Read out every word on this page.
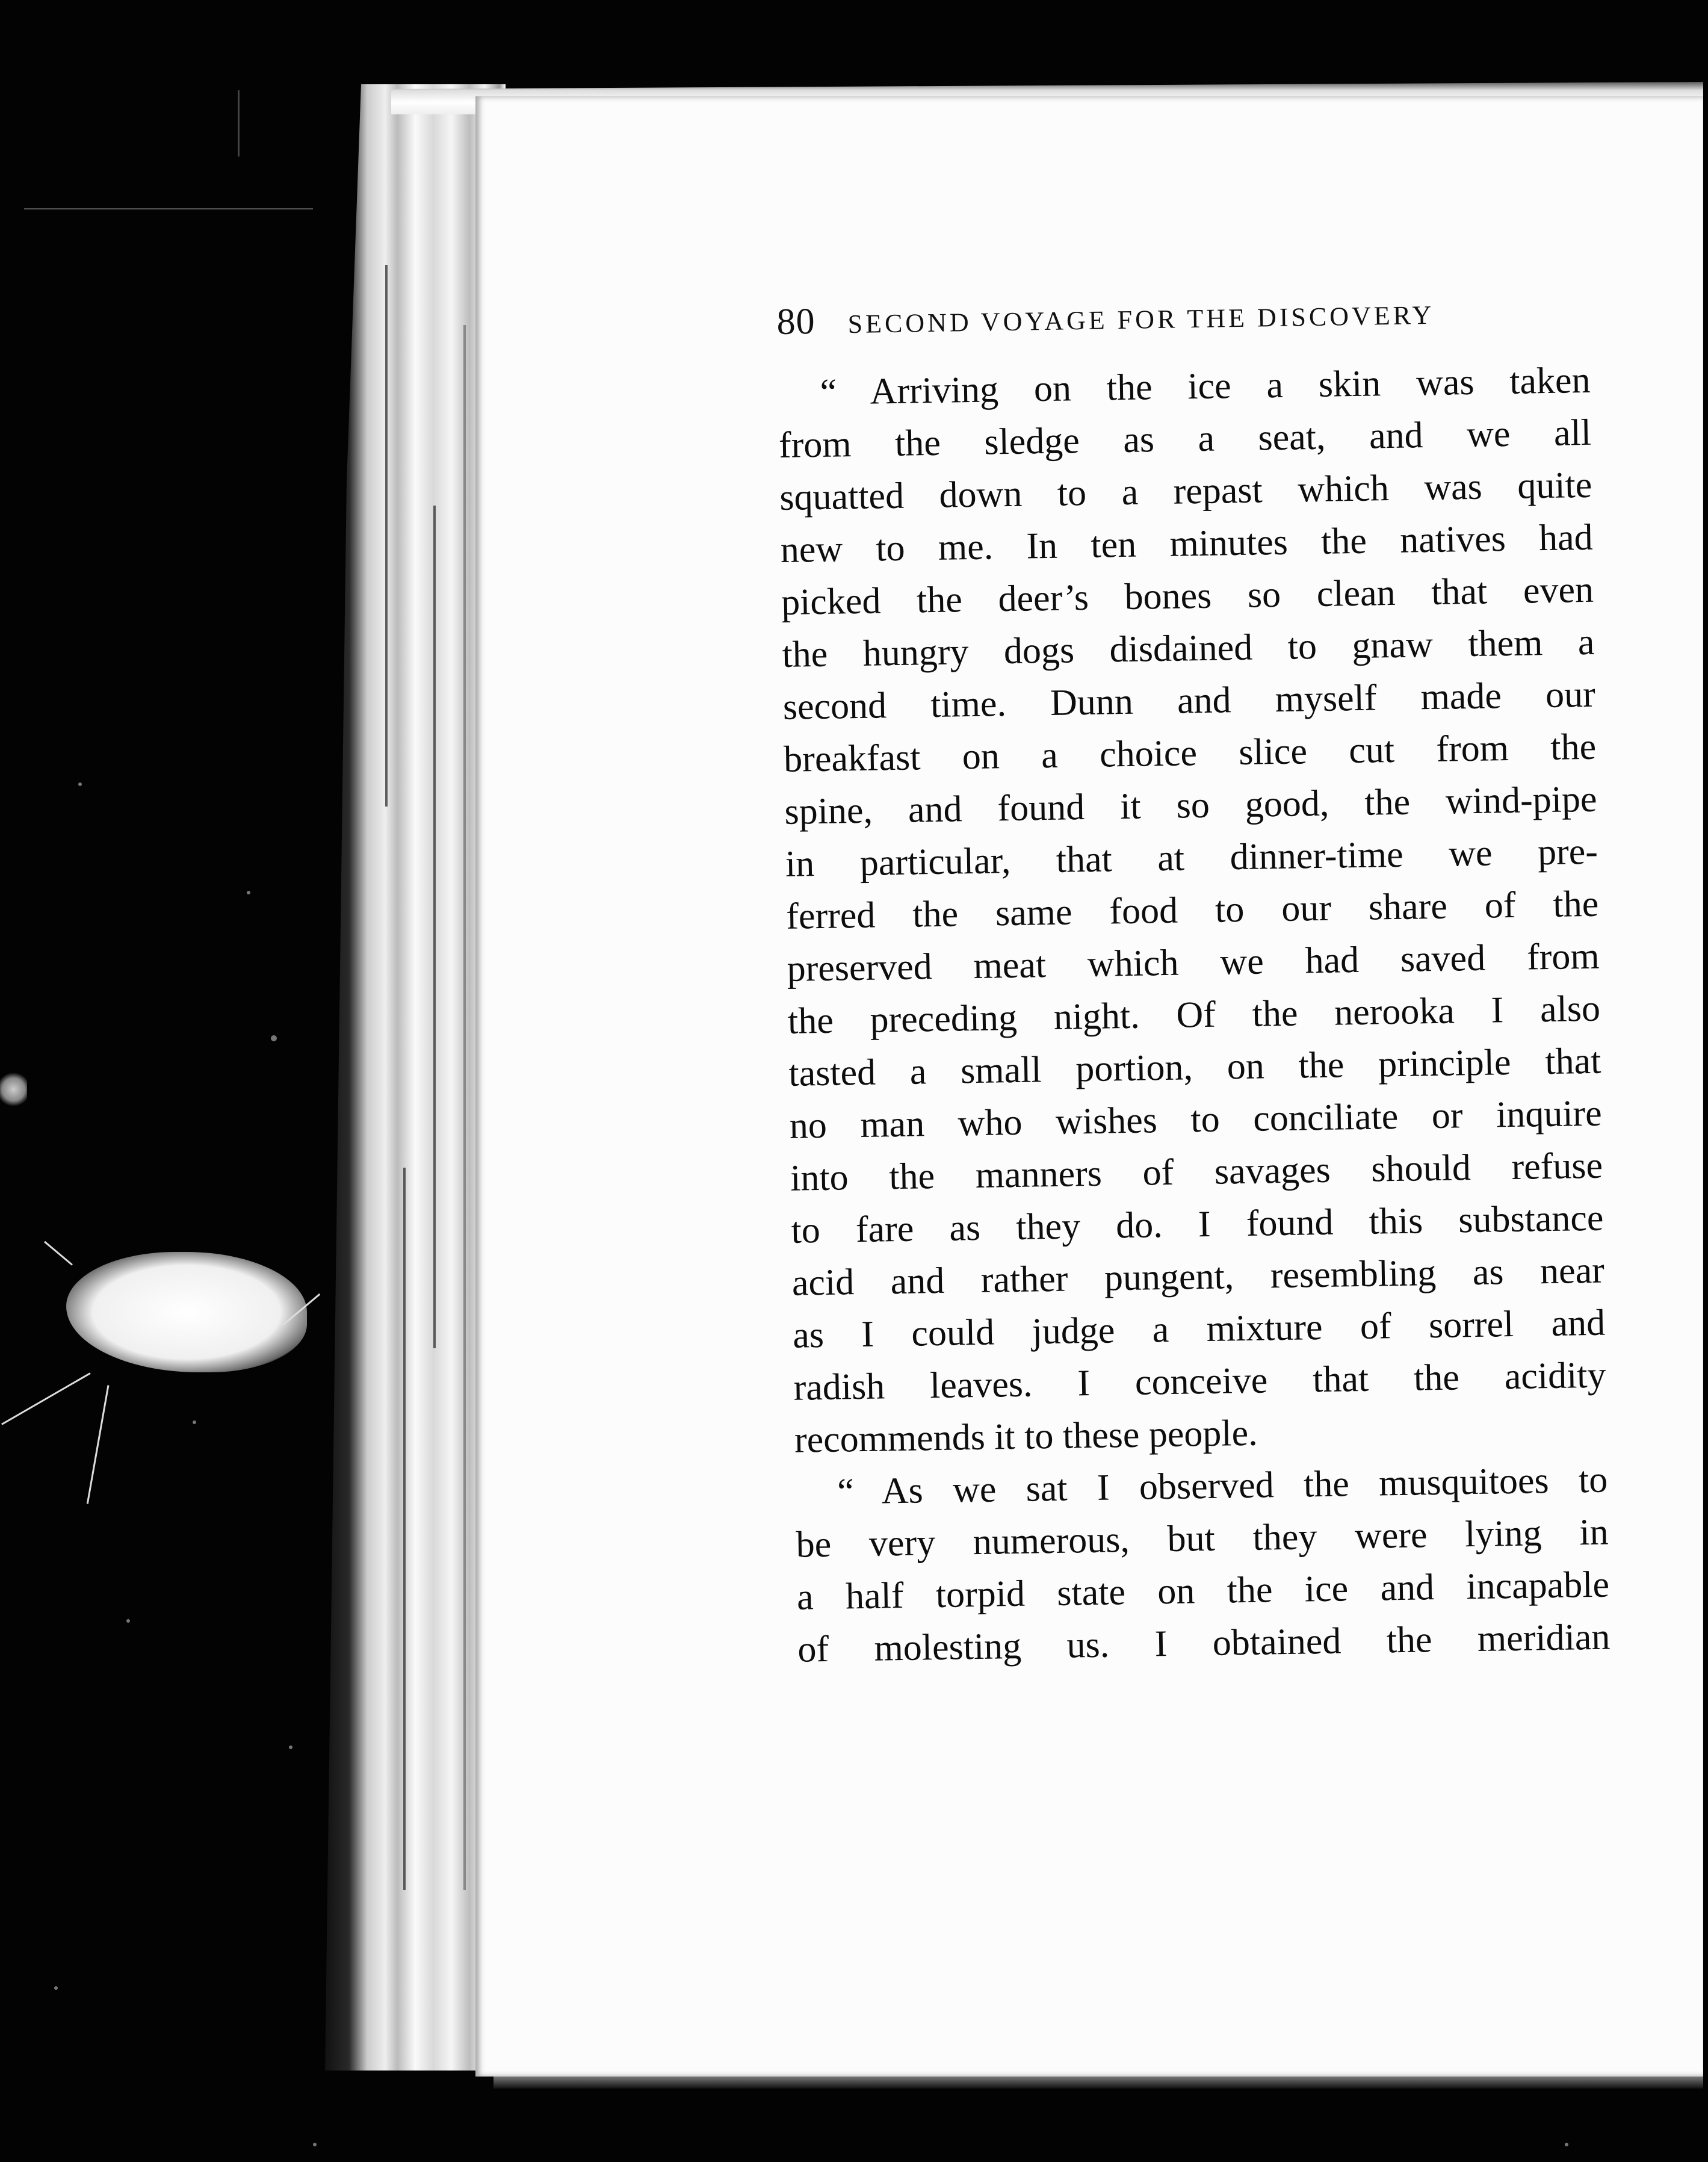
80 SECOND VOYAGE FOR THE DISCOVERY
“ Arriving on the ice a skin was taken
from the sledge as a seat, and we all
squatted down to a repast which was quite
new to me. In ten minutes the natives had
picked the deer’s bones so clean that even
the hungry dogs disdained to gnaw them a
second time. Dunn and myself made our
breakfast on a choice slice cut from the
spine, and found it so good, the wind-pipe
in particular, that at dinner-time we pre-
ferred the same food to our share of the
preserved meat which we had saved from
the preceding night. Of the nerooka I also
tasted a small portion, on the principle that
no man who wishes to conciliate or inquire
into the manners of savages should refuse
to fare as they do. I found this substance
acid and rather pungent, resembling as near
as I could judge a mixture of sorrel and
radish leaves. I conceive that the acidity
recommends it to these people.
“ As we sat I observed the musquitoes to
be very numerous, but they were lying in
a half torpid state on the ice and incapable
of molesting us. I obtained the meridian
